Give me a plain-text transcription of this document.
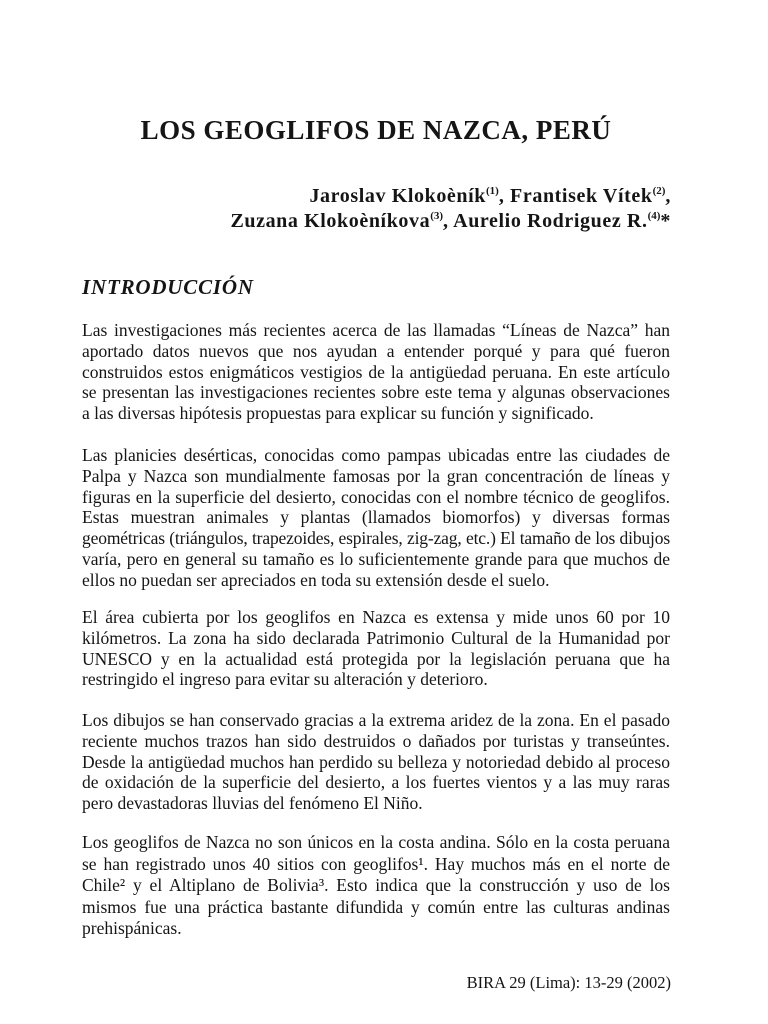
LOS GEOGLIFOS DE NAZCA, PERÚ
Jaroslav Klokoèník$^{(1)}$, Frantisek Vítek$^{(2)}$,
Zuzana Klokoèníkova$^{(3)}$, Aurelio Rodriguez R.$^{(4)}$*
INTRODUCCIÓN
Las investigaciones más recientes acerca de las llamadas “Líneas de Nazca” han
aportado datos nuevos que nos ayudan a entender porqué y para qué fueron
construidos estos enigmáticos vestigios de la antigüedad peruana. En este artículo
se presentan las investigaciones recientes sobre este tema y algunas observaciones
a las diversas hipótesis propuestas para explicar su función y significado.
Las planicies desérticas, conocidas como pampas ubicadas entre las ciudades de
Palpa y Nazca son mundialmente famosas por la gran concentración de líneas y
figuras en la superficie del desierto, conocidas con el nombre técnico de geoglifos.
Estas muestran animales y plantas (llamados biomorfos) y diversas formas
geométricas (triángulos, trapezoides, espirales, zig-zag, etc.) El tamaño de los dibujos
varía, pero en general su tamaño es lo suficientemente grande para que muchos de
ellos no puedan ser apreciados en toda su extensión desde el suelo.
El área cubierta por los geoglifos en Nazca es extensa y mide unos 60 por 10
kilómetros. La zona ha sido declarada Patrimonio Cultural de la Humanidad por
UNESCO y en la actualidad está protegida por la legislación peruana que ha
restringido el ingreso para evitar su alteración y deterioro.
Los dibujos se han conservado gracias a la extrema aridez de la zona. En el pasado
reciente muchos trazos han sido destruidos o dañados por turistas y transeúntes.
Desde la antigüedad muchos han perdido su belleza y notoriedad debido al proceso
de oxidación de la superficie del desierto, a los fuertes vientos y a las muy raras
pero devastadoras lluvias del fenómeno El Niño.
Los geoglifos de Nazca no son únicos en la costa andina. Sólo en la costa peruana
se han registrado unos 40 sitios con geoglifos¹. Hay muchos más en el norte de
Chile² y el Altiplano de Bolivia³. Esto indica que la construcción y uso de los
mismos fue una práctica bastante difundida y común entre las culturas andinas
prehispánicas.
BIRA 29 (Lima): 13-29 (2002)
